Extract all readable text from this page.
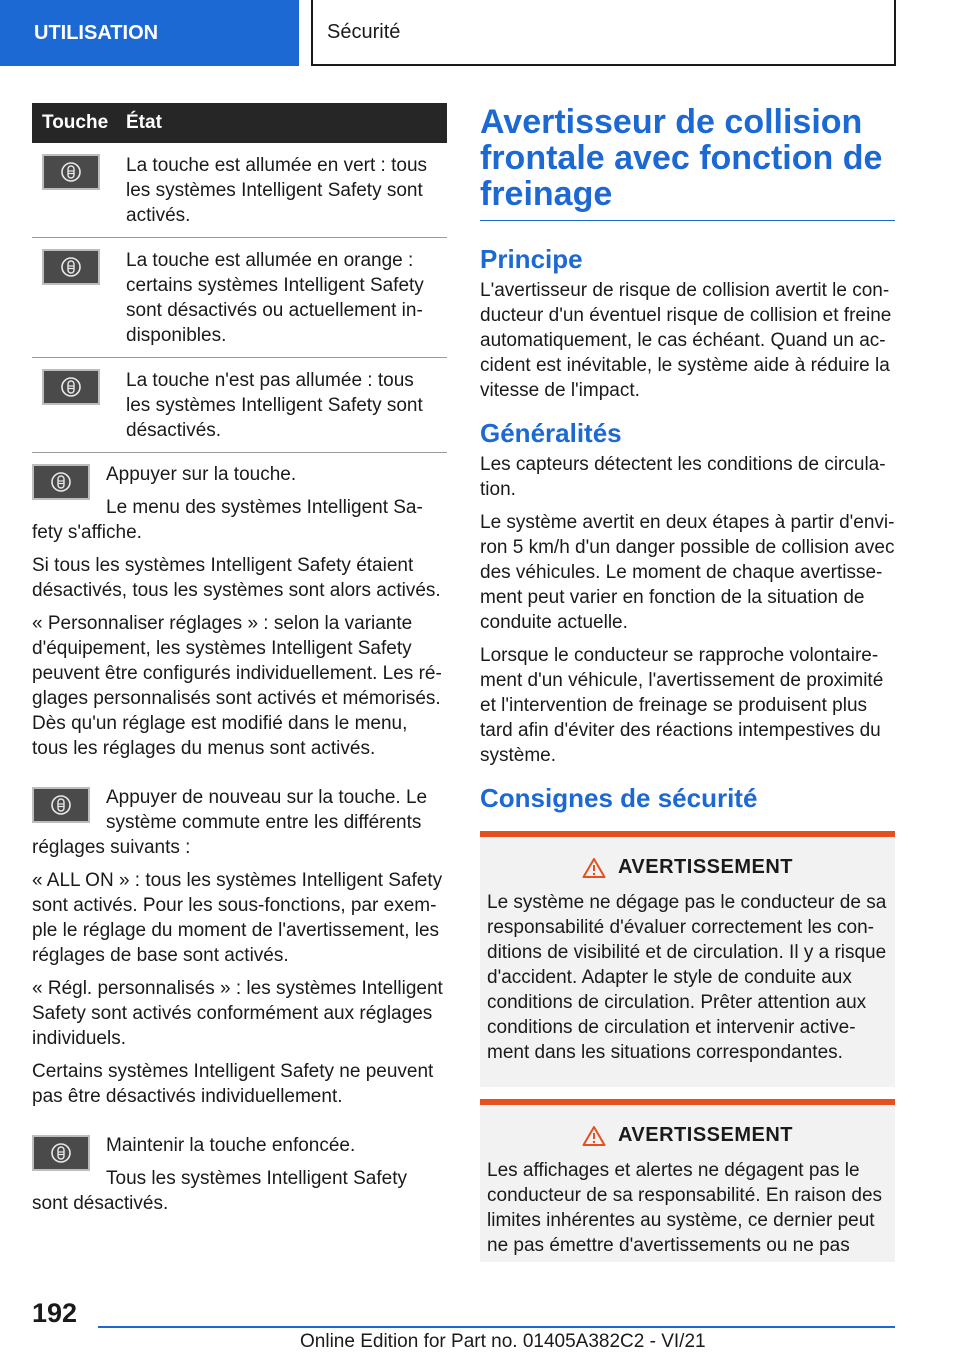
UTILISATION	Sécurité
Touche État
La touche est allumée en vert : tous les systèmes Intelligent Safety sont activés.
La touche est allumée en orange : certains systèmes Intelligent Safety sont désactivés ou actuellement in‐disponibles.
La touche n'est pas allumée : tous les systèmes Intelligent Safety sont désactivés.

Appuyer sur la touche.

Le menu des systèmes Intelligent Sa‐fety s'affiche.

Si tous les systèmes Intelligent Safety étaient désactivés, tous les systèmes sont alors activés.

« Personnaliser réglages » : selon la variante d'équipement, les systèmes Intelligent Safety peuvent être configurés individuellement. Les ré‐glages personnalisés sont activés et mémorisés. Dès qu'un réglage est modifié dans le menu, tous les réglages du menus sont activés.

Appuyer de nouveau sur la touche. Le système commute entre les différents réglages suivants :

« ALL ON » : tous les systèmes Intelligent Safety sont activés. Pour les sous-fonctions, par exem‐ple le réglage du moment de l'avertissement, les réglages de base sont activés.

« Régl. personnalisés » : les systèmes Intelligent Safety sont activés conformément aux réglages individuels.

Certains systèmes Intelligent Safety ne peuvent pas être désactivés individuellement.

Maintenir la touche enfoncée.

Tous les systèmes Intelligent Safety sont désactivés.

Avertisseur de collision frontale avec fonction de freinage
Principe

L'avertisseur de risque de collision avertit le con‐ducteur d'un éventuel risque de collision et freine automatiquement, le cas échéant. Quand un ac‐cident est inévitable, le système aide à réduire la vitesse de l'impact.

Généralités

Les capteurs détectent les conditions de circula‐tion.

Le système avertit en deux étapes à partir d'envi‐ron 5 km/h d'un danger possible de collision avec des véhicules. Le moment de chaque avertisse‐ment peut varier en fonction de la situation de conduite actuelle.

Lorsque le conducteur se rapproche volontaire‐ment d'un véhicule, l'avertissement de proximité et l'intervention de freinage se produisent plus tard afin d'éviter des réactions intempestives du système.

Consignes de sécurité
AVERTISSEMENT
Le système ne dégage pas le conducteur de sa responsabilité d'évaluer correctement les con‐ditions de visibilité et de circulation. Il y a risque d'accident. Adapter le style de conduite aux conditions de circulation. Prêter attention aux conditions de circulation et intervenir active‐ment dans les situations correspondantes.
AVERTISSEMENT
Les affichages et alertes ne dégagent pas le conducteur de sa responsabilité. En raison des limites inhérentes au système, ce dernier peut ne pas émettre d'avertissements ou ne pas
192
Online Edition for Part no. 01405A382C2 - VI/21
